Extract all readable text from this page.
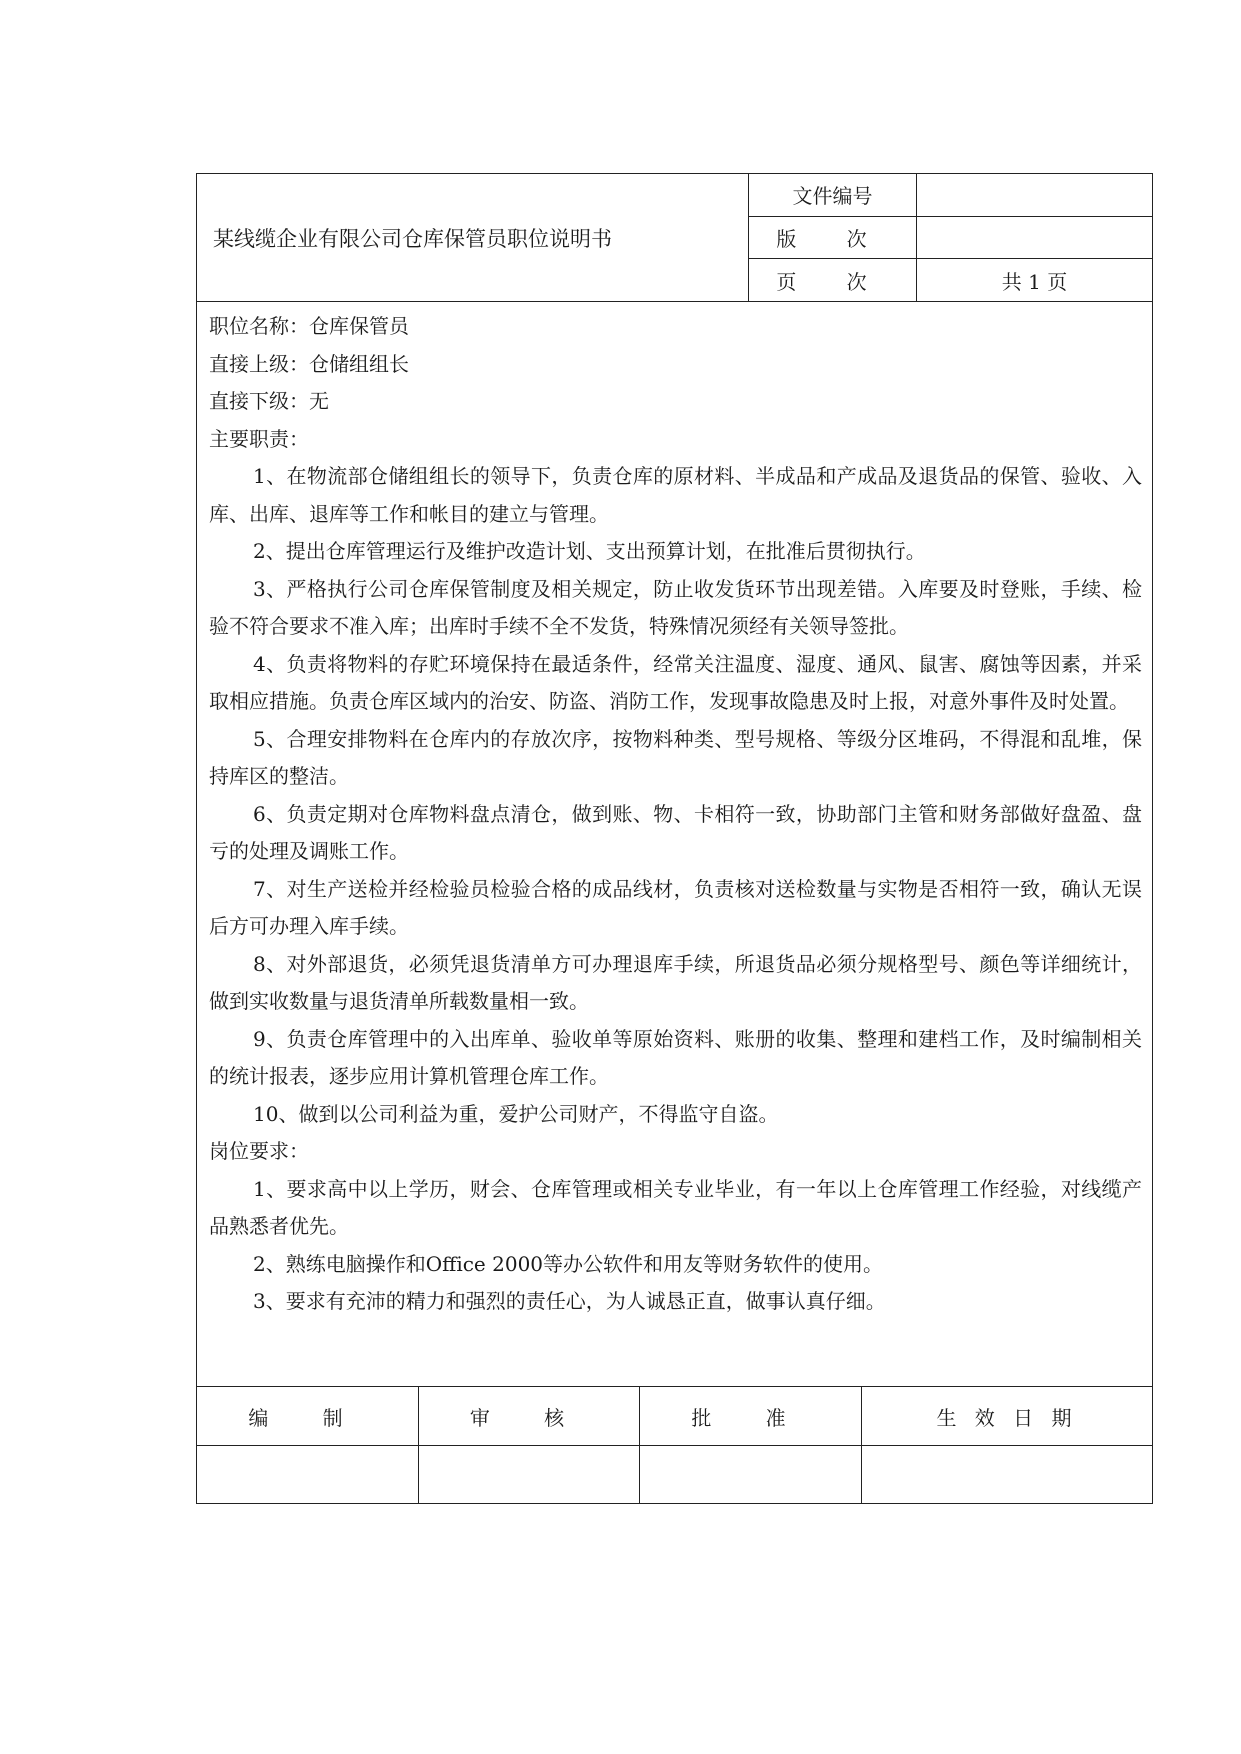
某线缆企业有限公司仓库保管员职位说明书
文件编号
版 次
页 次	共 1 页
职位名称：仓库保管员
直接上级：仓储组组长
直接下级：无
主要职责：
1、在物流部仓储组组长的领导下，负责仓库的原材料、半成品和产成品及退货品的保管、验收、入库、出库、退库等工作和帐目的建立与管理。
2、提出仓库管理运行及维护改造计划、支出预算计划，在批准后贯彻执行。
3、严格执行公司仓库保管制度及相关规定，防止收发货环节出现差错。入库要及时登账，手续、检验不符合要求不准入库；出库时手续不全不发货，特殊情况须经有关领导签批。
4、负责将物料的存贮环境保持在最适条件，经常关注温度、湿度、通风、鼠害、腐蚀等因素，并采取相应措施。负责仓库区域内的治安、防盗、消防工作，发现事故隐患及时上报，对意外事件及时处置。
5、合理安排物料在仓库内的存放次序，按物料种类、型号规格、等级分区堆码，不得混和乱堆，保持库区的整洁。
6、负责定期对仓库物料盘点清仓，做到账、物、卡相符一致，协助部门主管和财务部做好盘盈、盘亏的处理及调账工作。
7、对生产送检并经检验员检验合格的成品线材，负责核对送检数量与实物是否相符一致，确认无误后方可办理入库手续。
8、对外部退货，必须凭退货清单方可办理退库手续，所退货品必须分规格型号、颜色等详细统计，做到实收数量与退货清单所载数量相一致。
9、负责仓库管理中的入出库单、验收单等原始资料、账册的收集、整理和建档工作，及时编制相关的统计报表，逐步应用计算机管理仓库工作。
10、做到以公司利益为重，爱护公司财产，不得监守自盗。
岗位要求：
1、要求高中以上学历，财会、仓库管理或相关专业毕业，有一年以上仓库管理工作经验，对线缆产品熟悉者优先。
2、熟练电脑操作和Office 2000等办公软件和用友等财务软件的使用。
3、要求有充沛的精力和强烈的责任心，为人诚恳正直，做事认真仔细。
编 制	审 核	批 准	生 效 日 期
